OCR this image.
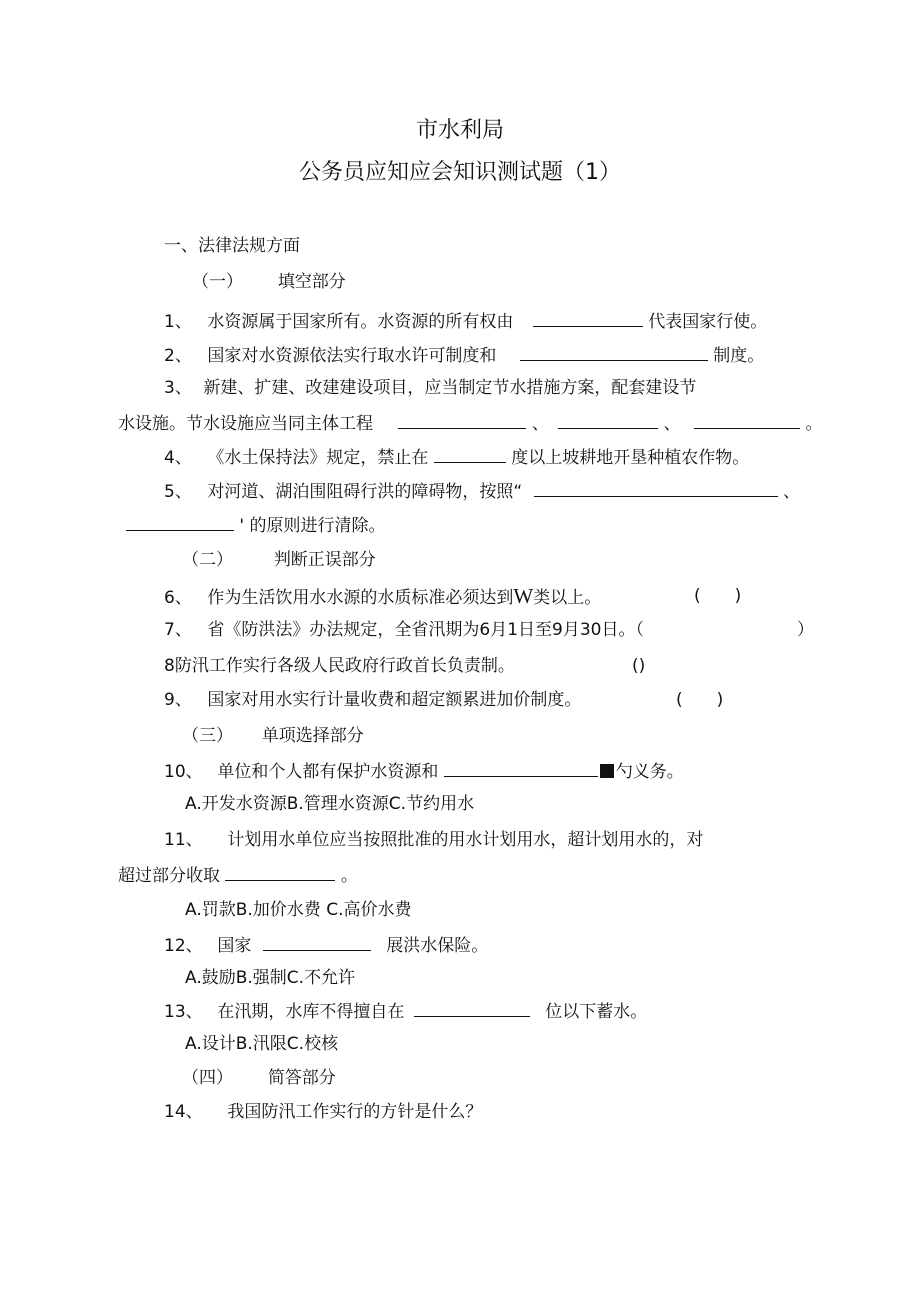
市水利局
公务员应知应会知识测试题（1）
一、法律法规方面
（一） 填空部分
1、 水资源属于国家所有。水资源的所有权由	代表国家行使。
2、 国家对水资源依法实行取水许可制度和	制度。
3、 新建、扩建、改建建设项目，应当制定节水措施方案，配套建设节
水设施。节水设施应当同主体工程	、	、	。
4、 《水土保持法》规定，禁止在	度以上坡耕地开垦种植农作物。
5、 对河道、湖泊围阻碍行洪的障碍物，按照“	、
' 的原则进行清除。
（二） 判断正误部分
6、 作为生活饮用水水源的水质标准必须达到W类以上。	(　　)
7、 省《防洪法》办法规定，全省汛期为6月1日至9月30日。（	）
8防汛工作实行各级人民政府行政首长负责制。	()
9、 国家对用水实行计量收费和超定额累进加价制度。	(　　)
（三） 单项选择部分
10、 单位和个人都有保护水资源和	勺义务。
A.开发水资源B.管理水资源C.节约用水
11、 计划用水单位应当按照批准的用水计划用水，超计划用水的，对
超过部分收取	。
A.罚款B.加价水费 C.高价水费
12、 国家	展洪水保险。
A.鼓励B.强制C.不允许
13、 在汛期，水库不得擅自在	位以下蓄水。
A.设计B.汛限C.校核
（四） 简答部分
14、 我国防汛工作实行的方针是什么？
